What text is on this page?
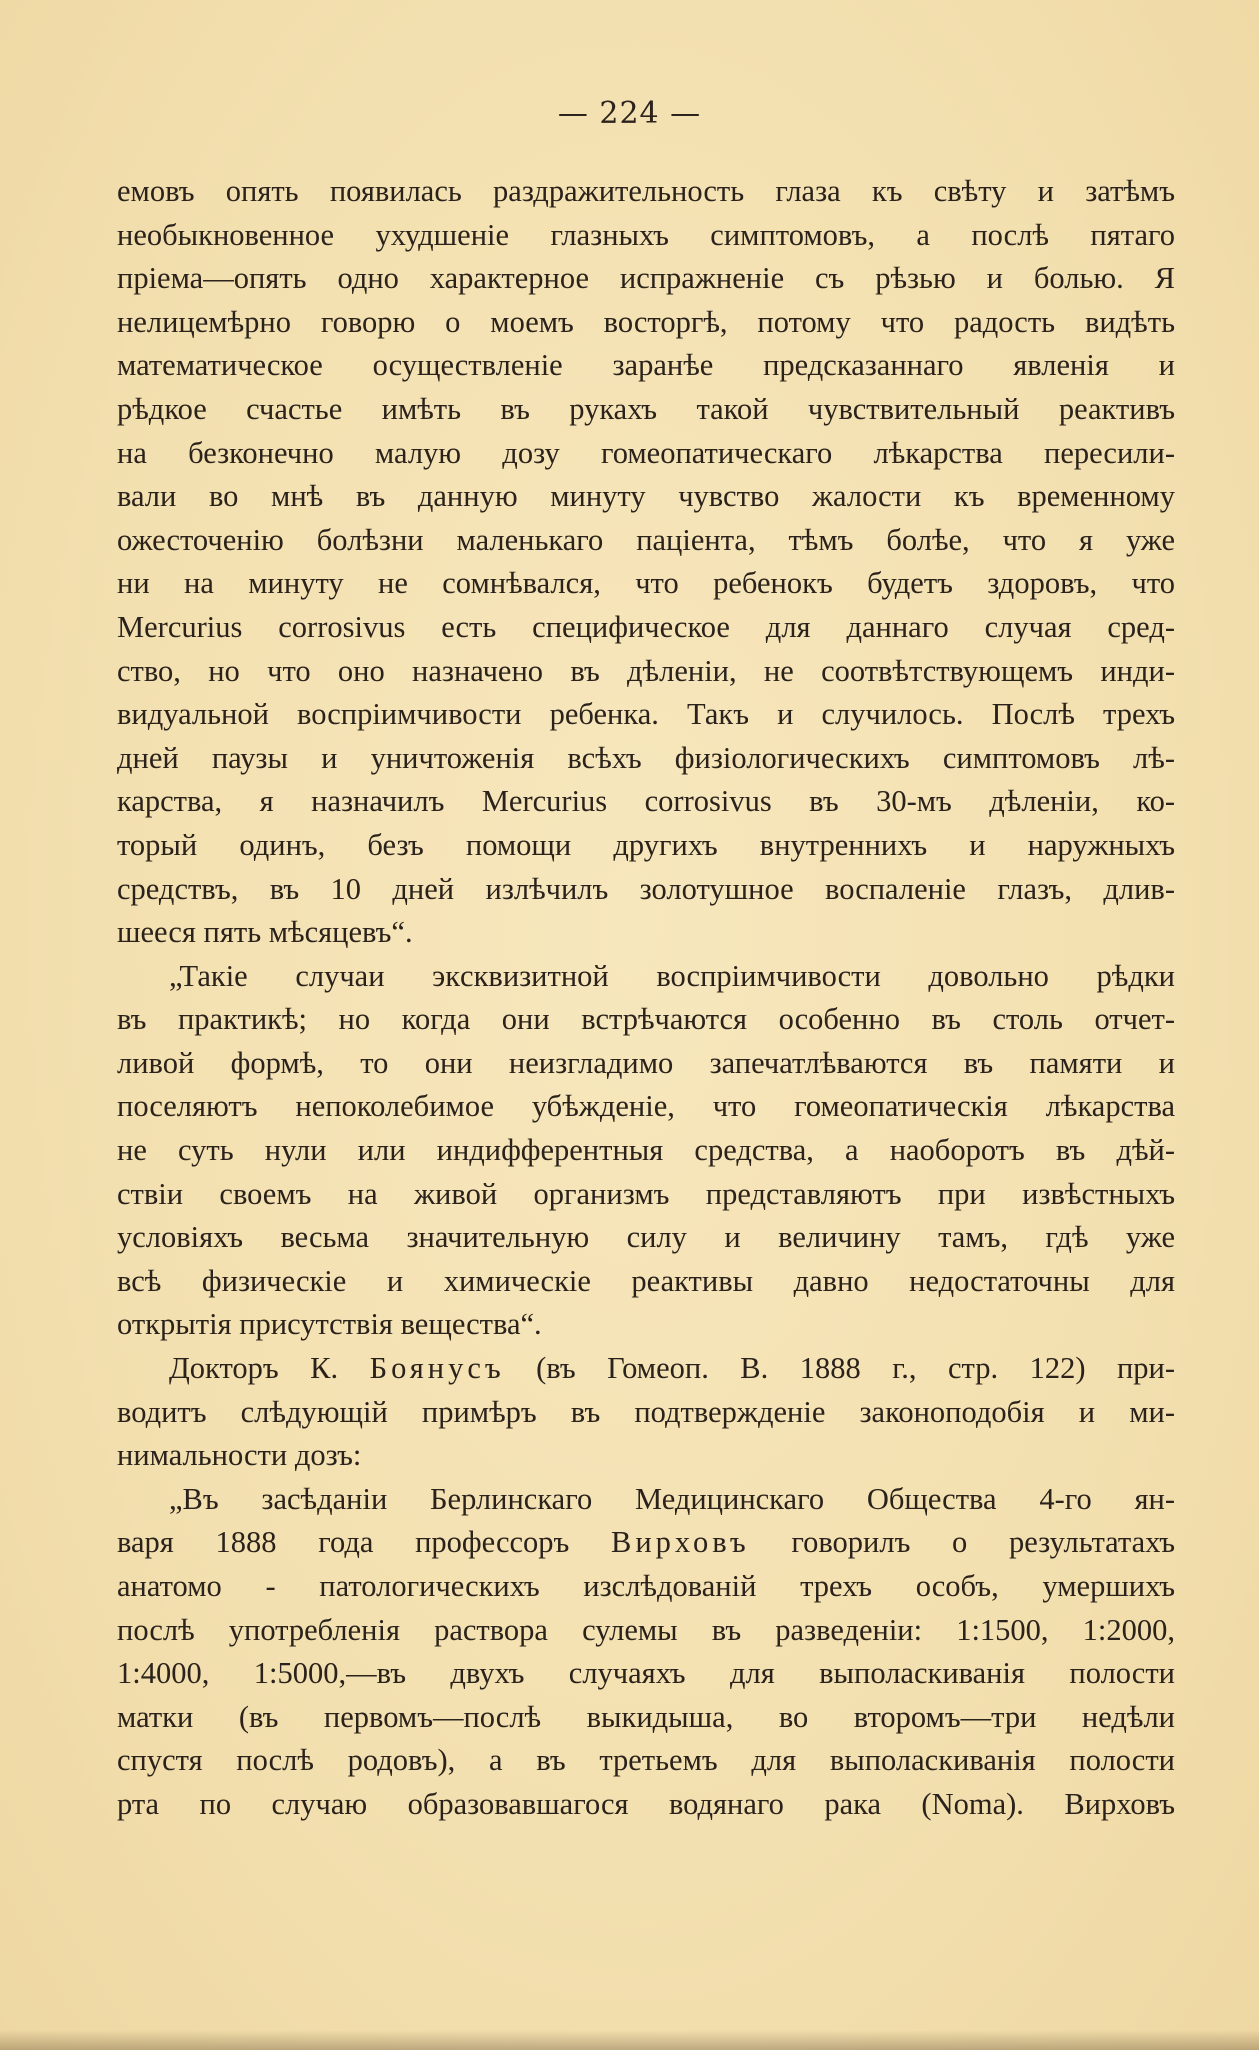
— 224 —
емовъ опять появилась раздражительность глаза къ свѣту и затѣмъ
необыкновенное ухудшеніе глазныхъ симптомовъ, а послѣ пятаго
пріема—опять одно характерное испражненіе съ рѣзью и болью. Я
нелицемѣрно говорю о моемъ восторгѣ, потому что радость видѣть
математическое осуществленіе заранѣе предсказаннаго явленія и
рѣдкое счастье имѣть въ рукахъ такой чувствительный реактивъ
на безконечно малую дозу гомеопатическаго лѣкарства пересили-
вали во мнѣ въ данную минуту чувство жалости къ временному
ожесточенію болѣзни маленькаго паціента, тѣмъ болѣе, что я уже
ни на минуту не сомнѣвался, что ребенокъ будетъ здоровъ, что
Mercurius corrosivus есть специфическое для даннаго случая сред-
ство, но что оно назначено въ дѣленіи, не соотвѣтствующемъ инди-
видуальной воспріимчивости ребенка. Такъ и случилось. Послѣ трехъ
дней паузы и уничтоженія всѣхъ физіологическихъ симптомовъ лѣ-
карства, я назначилъ Mercurius corrosivus въ 30-мъ дѣленіи, ко-
торый одинъ, безъ помощи другихъ внутреннихъ и наружныхъ
средствъ, въ 10 дней излѣчилъ золотушное воспаленіе глазъ, длив-
шееся пять мѣсяцевъ“.
„Такіе случаи экcквизитной воспріимчивости довольно рѣдки
въ практикѣ; но когда они встрѣчаются особенно въ столь отчет-
ливой формѣ, то они неизгладимо запечатлѣваются въ памяти и
поселяютъ непоколебимое убѣжденіе, что гомеопатическія лѣкарства
не суть нули или индифферентныя средства, а наоборотъ въ дѣй-
ствіи своемъ на живой организмъ представляютъ при извѣстныхъ
условіяхъ весьма значительную силу и величину тамъ, гдѣ уже
всѣ физическіе и химическіе реактивы давно недостаточны для
открытія присутствія вещества“.
Докторъ К. Боянусъ (въ Гомеоп. В. 1888 г., стр. 122) при-
водитъ слѣдующій примѣръ въ подтвержденіе законоподобія и ми-
нимальности дозъ:
„Въ засѣданіи Берлинскаго Медицинскаго Общества 4-го ян-
варя 1888 года профессоръ Вирховъ говорилъ о результатахъ
анатомо - патологическихъ изслѣдованій трехъ особъ, умершихъ
послѣ употребленія раствора сулемы въ разведеніи: 1:1500, 1:2000,
1:4000, 1:5000,—въ двухъ случаяхъ для выполаскиванія полости
матки (въ первомъ—послѣ выкидыша, во второмъ—три недѣли
спустя послѣ родовъ), а въ третьемъ для выполаскиванія полости
рта по случаю образовавшагося водянаго рака (Noma). Вирховъ
